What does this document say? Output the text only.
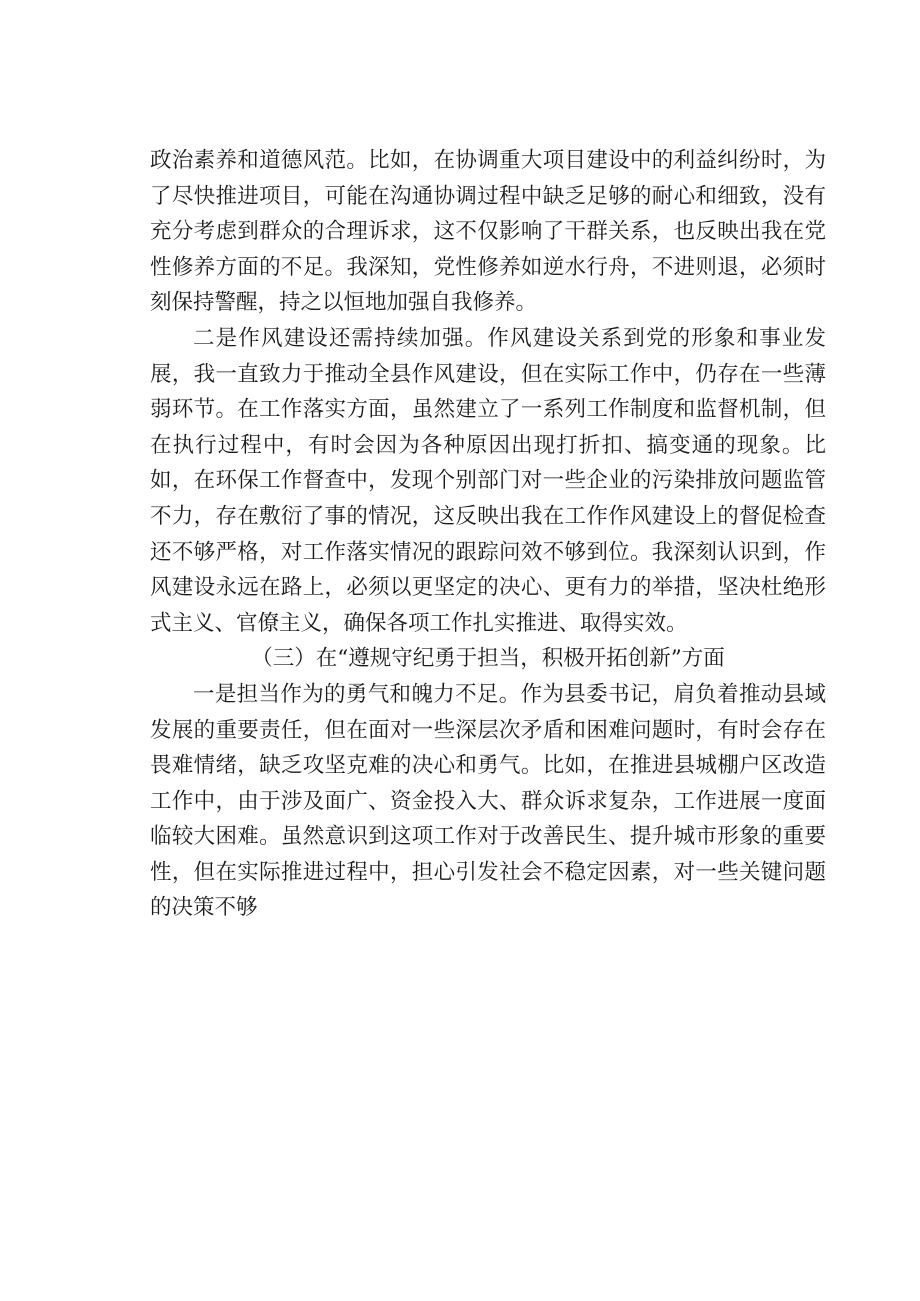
政治素养和道德风范。比如，在协调重大项目建设中的利益纠纷时，为了尽快推进项目，可能在沟通协调过程中缺乏足够的耐心和细致，没有充分考虑到群众的合理诉求，这不仅影响了干群关系，也反映出我在党性修养方面的不足。我深知，党性修养如逆水行舟，不进则退，必须时刻保持警醒，持之以恒地加强自我修养。

二是作风建设还需持续加强。作风建设关系到党的形象和事业发展，我一直致力于推动全县作风建设，但在实际工作中，仍存在一些薄弱环节。在工作落实方面，虽然建立了一系列工作制度和监督机制，但在执行过程中，有时会因为各种原因出现打折扣、搞变通的现象。比如，在环保工作督查中，发现个别部门对一些企业的污染排放问题监管不力，存在敷衍了事的情况，这反映出我在工作作风建设上的督促检查还不够严格，对工作落实情况的跟踪问效不够到位。我深刻认识到，作风建设永远在路上，必须以更坚定的决心、更有力的举措，坚决杜绝形式主义、官僚主义，确保各项工作扎实推进、取得实效。

（三）在“遵规守纪勇于担当，积极开拓创新”方面

一是担当作为的勇气和魄力不足。作为县委书记，肩负着推动县域发展的重要责任，但在面对一些深层次矛盾和困难问题时，有时会存在畏难情绪，缺乏攻坚克难的决心和勇气。比如，在推进县城棚户区改造工作中，由于涉及面广、资金投入大、群众诉求复杂，工作进展一度面临较大困难。虽然意识到这项工作对于改善民生、提升城市形象的重要性，但在实际推进过程中，担心引发社会不稳定因素，对一些关键问题的决策不够
